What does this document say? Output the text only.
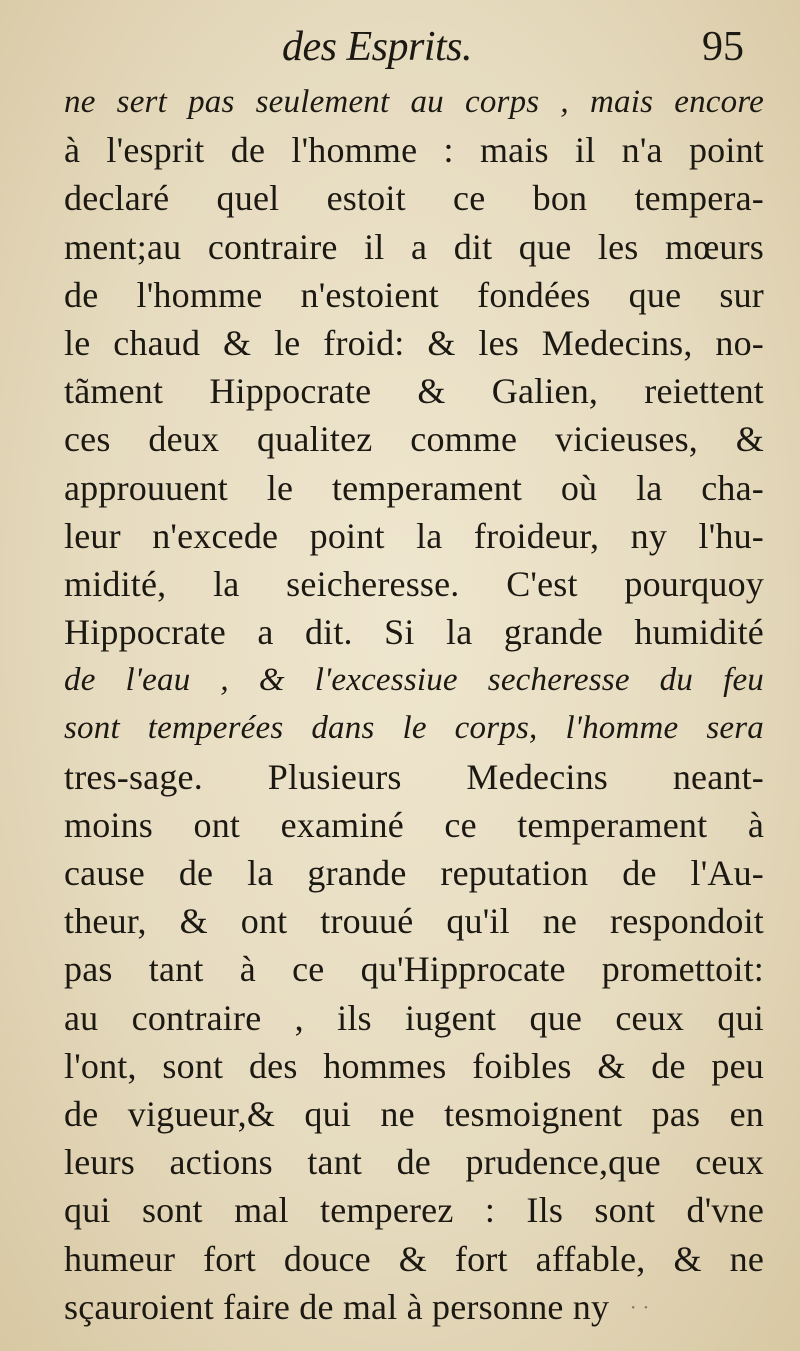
des Esprits.	95
ne sert pas seulement au corps , mais encore
à l'esprit de l'homme : mais il n'a point
declaré quel estoit ce bon tempera-
ment;au contraire il a dit que les mœurs
de l'homme n'estoient fondées que sur
le chaud & le froid: & les Medecins, no-
tãment Hippocrate & Galien, reiettent
ces deux qualitez comme vicieuses, &
approuuent le temperament où la cha-
leur n'excede point la froideur, ny l'hu-
midité, la seicheresse. C'est pourquoy
Hippocrate a dit. Si la grande humidité
de l'eau , & l'excessiue secheresse du feu
sont temperées dans le corps, l'homme sera
tres-sage. Plusieurs Medecins neant-
moins ont examiné ce temperament à
cause de la grande reputation de l'Au-
theur, & ont trouué qu'il ne respondoit
pas tant à ce qu'Hipprocate promettoit:
au contraire , ils iugent que ceux qui
l'ont, sont des hommes foibles & de peu
de vigueur,& qui ne tesmoignent pas en
leurs actions tant de prudence,que ceux
qui sont mal temperez : Ils sont d'vne
humeur fort douce & fort affable, & ne
sçauroient faire de mal à personne ny	· ·
